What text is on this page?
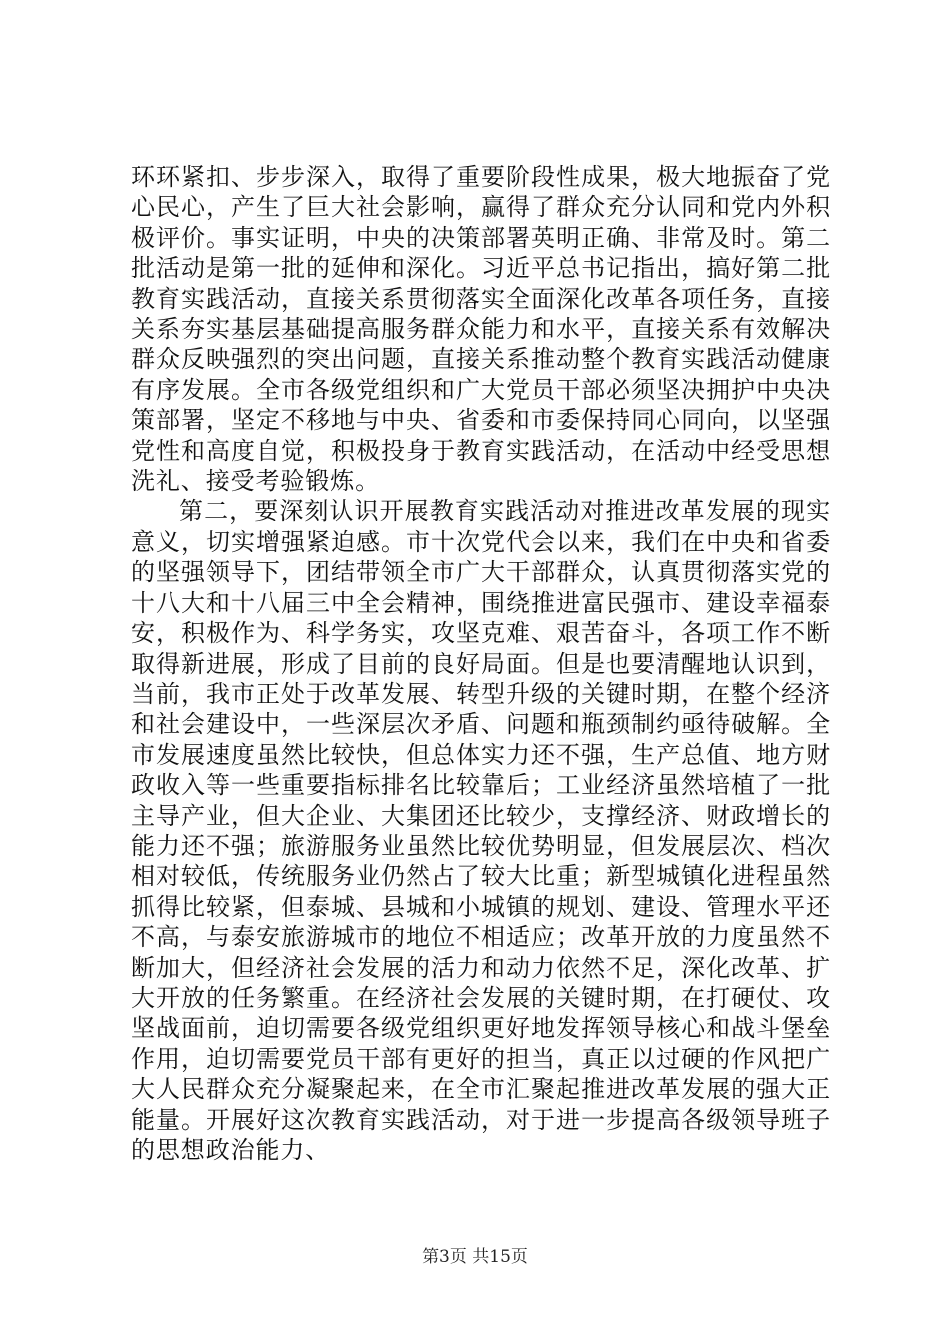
环环紧扣、步步深入，取得了重要阶段性成果，极大地振奋了党心民心，产生了巨大社会影响，赢得了群众充分认同和党内外积极评价。事实证明，中央的决策部署英明正确、非常及时。第二批活动是第一批的延伸和深化。习近平总书记指出，搞好第二批教育实践活动，直接关系贯彻落实全面深化改革各项任务，直接关系夯实基层基础提高服务群众能力和水平，直接关系有效解决群众反映强烈的突出问题，直接关系推动整个教育实践活动健康有序发展。全市各级党组织和广大党员干部必须坚决拥护中央决策部署，坚定不移地与中央、省委和市委保持同心同向，以坚强党性和高度自觉，积极投身于教育实践活动，在活动中经受思想洗礼、接受考验锻炼。

第二，要深刻认识开展教育实践活动对推进改革发展的现实意义，切实增强紧迫感。市十次党代会以来，我们在中央和省委的坚强领导下，团结带领全市广大干部群众，认真贯彻落实党的十八大和十八届三中全会精神，围绕推进富民强市、建设幸福泰安，积极作为、科学务实，攻坚克难、艰苦奋斗，各项工作不断取得新进展，形成了目前的良好局面。但是也要清醒地认识到，当前，我市正处于改革发展、转型升级的关键时期，在整个经济和社会建设中，一些深层次矛盾、问题和瓶颈制约亟待破解。全市发展速度虽然比较快，但总体实力还不强，生产总值、地方财政收入等一些重要指标排名比较靠后；工业经济虽然培植了一批主导产业，但大企业、大集团还比较少，支撑经济、财政增长的能力还不强；旅游服务业虽然比较优势明显，但发展层次、档次相对较低，传统服务业仍然占了较大比重；新型城镇化进程虽然抓得比较紧，但泰城、县城和小城镇的规划、建设、管理水平还不高，与泰安旅游城市的地位不相适应；改革开放的力度虽然不断加大，但经济社会发展的活力和动力依然不足，深化改革、扩大开放的任务繁重。在经济社会发展的关键时期，在打硬仗、攻坚战面前，迫切需要各级党组织更好地发挥领导核心和战斗堡垒作用，迫切需要党员干部有更好的担当，真正以过硬的作风把广大人民群众充分凝聚起来，在全市汇聚起推进改革发展的强大正能量。开展好这次教育实践活动，对于进一步提高各级领导班子的思想政治能力、

第3页 共15页
